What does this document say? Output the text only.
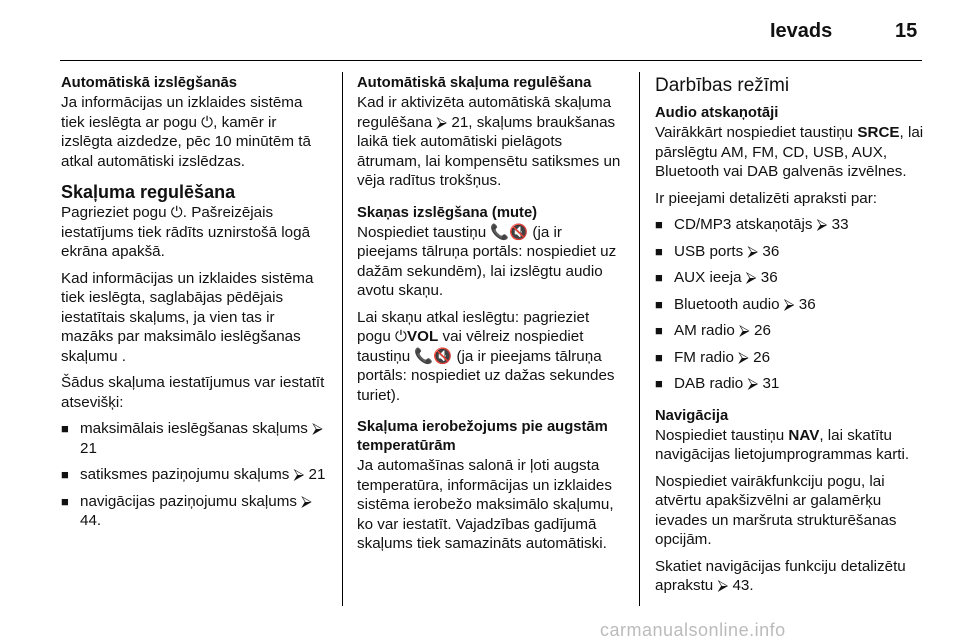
Ievads	15
Automātiskā izslēgšanās

Ja informācijas un izklaides sistēma tiek ieslēgta ar pogu ⏻, kamēr ir izslēgta aizdedze, pēc 10 minūtēm tā atkal automātiski izslēdzas.

Skaļuma regulēšana

Pagrieziet pogu ⏻. Pašreizējais iestatījums tiek rādīts uznirstošā logā ekrāna apakšā.

Kad informācijas un izklaides sistēma tiek ieslēgta, saglabājas pēdējais iestatītais skaļums, ja vien tas ir mazāks par maksimālo ieslēgšanas skaļumu .

Šādus skaļuma iestatījumus var iestatīt atsevišķi:

■ maksimālais ieslēgšanas skaļums ⮚ 21
■ satiksmes paziņojumu skaļums ⮚ 21
■ navigācijas paziņojumu skaļums ⮚ 44.
Automātiskā skaļuma regulēšana

Kad ir aktivizēta automātiskā skaļuma regulēšana ⮚ 21, skaļums braukšanas laikā tiek automātiski pielāgots ātrumam, lai kompensētu satiksmes un vēja radītus trokšņus.

Skaņas izslēgšana (mute)

Nospiediet taustiņu 📞🔇 (ja ir pieejams tālruņa portāls: nospiediet uz dažām sekundēm), lai izslēgtu audio avotu skaņu.

Lai skaņu atkal ieslēgtu: pagrieziet pogu ⏻VOL vai vēlreiz nospiediet taustiņu 📞🔇 (ja ir pieejams tālruņa portāls: nospiediet uz dažas sekundes turiet).

Skaļuma ierobežojums pie augstām temperatūrām

Ja automašīnas salonā ir ļoti augsta temperatūra, informācijas un izklaides sistēma ierobežo maksimālo skaļumu, ko var iestatīt. Vajadzības gadījumā skaļums tiek samazināts automātiski.

Darbības režīmi
Audio atskaņotāji

Vairākkārt nospiediet taustiņu SRCE, lai pārslēgtu AM, FM, CD, USB, AUX, Bluetooth vai DAB galvenās izvēlnes.

Ir pieejami detalizēti apraksti par:

■ CD/MP3 atskaņotājs ⮚ 33
■ USB ports ⮚ 36
■ AUX ieeja ⮚ 36
■ Bluetooth audio ⮚ 36
■ AM radio ⮚ 26
■ FM radio ⮚ 26
■ DAB radio ⮚ 31
Navigācija

Nospiediet taustiņu NAV, lai skatītu navigācijas lietojumprogrammas karti.

Nospiediet vairākfunkciju pogu, lai atvērtu apakšizvēlni ar galamērķu ievades un maršruta strukturēšanas opcijām.

Skatiet navigācijas funkciju detalizētu aprakstu ⮚ 43.

carmanualsonline.info
